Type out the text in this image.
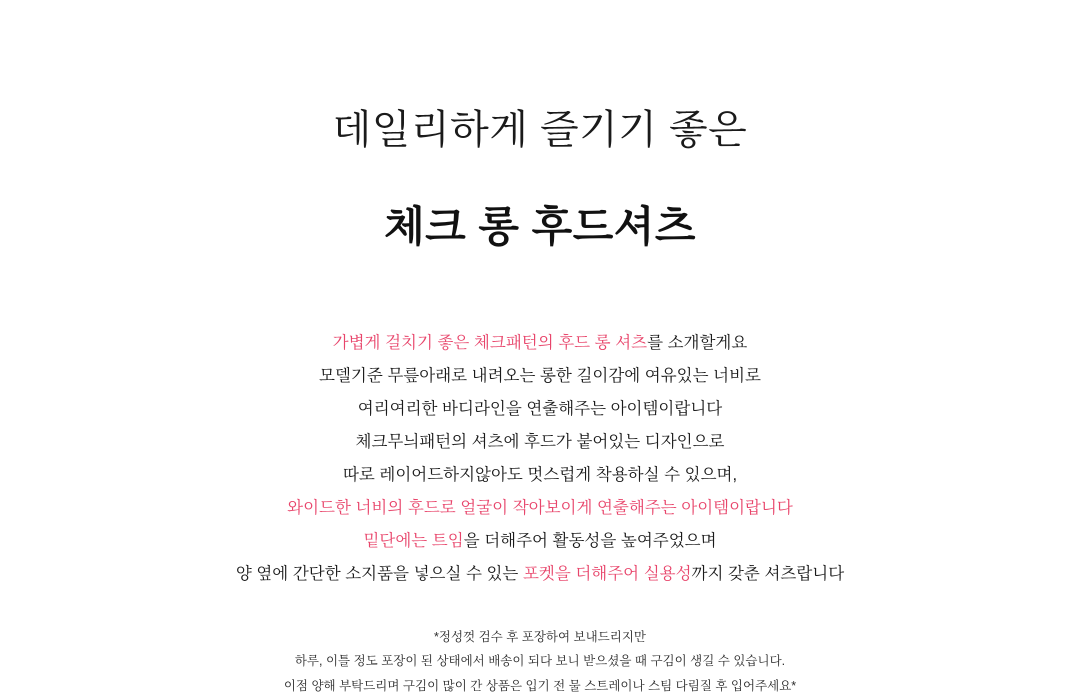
데일리하게 즐기기 좋은
체크 롱 후드셔츠
가볍게 걸치기 좋은 체크패턴의 후드 롱 셔츠를 소개할게요
모델기준 무릎아래로 내려오는 롱한 길이감에 여유있는 너비로
여리여리한 바디라인을 연출해주는 아이템이랍니다
체크무늬패턴의 셔츠에 후드가 붙어있는 디자인으로
따로 레이어드하지않아도 멋스럽게 착용하실 수 있으며,
와이드한 너비의 후드로 얼굴이 작아보이게 연출해주는 아이템이랍니다
밑단에는 트임을 더해주어 활동성을 높여주었으며
양 옆에 간단한 소지품을 넣으실 수 있는 포켓을 더해주어 실용성까지 갖춘 셔츠랍니다
*정성껏 검수 후 포장하여 보내드리지만
하루, 이틀 정도 포장이 된 상태에서 배송이 되다 보니 받으셨을 때 구김이 생길 수 있습니다.
이점 양해 부탁드리며 구김이 많이 간 상품은 입기 전 물 스트레이나 스팀 다림질 후 입어주세요*
